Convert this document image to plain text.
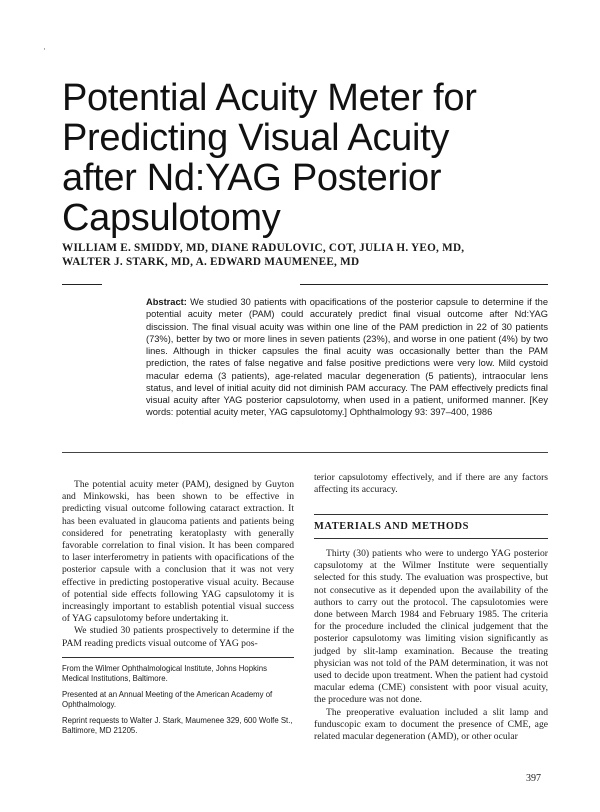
·
Potential Acuity Meter for Predicting Visual Acuity after Nd:YAG Posterior Capsulotomy
WILLIAM E. SMIDDY, MD, DIANE RADULOVIC, COT, JULIA H. YEO, MD,
WALTER J. STARK, MD, A. EDWARD MAUMENEE, MD

Abstract: We studied 30 patients with opacifications of the posterior capsule to determine if the potential acuity meter (PAM) could accurately predict final visual outcome after Nd:YAG discission. The final visual acuity was within one line of the PAM prediction in 22 of 30 patients (73%), better by two or more lines in seven patients (23%), and worse in one patient (4%) by two lines. Although in thicker capsules the final acuity was occasionally better than the PAM prediction, the rates of false negative and false positive predictions were very low. Mild cystoid macular edema (3 patients), age-related macular degeneration (5 patients), intraocular lens status, and level of initial acuity did not diminish PAM accuracy. The PAM effectively predicts final visual acuity after YAG posterior capsulotomy, when used in a patient, uniformed manner. [Key words: potential acuity meter, YAG capsulotomy.] Ophthalmology 93: 397–400, 1986

The potential acuity meter (PAM), designed by Guyton and Minkowski, has been shown to be effective in predicting visual outcome following cataract extraction. It has been evaluated in glaucoma patients and patients being considered for penetrating keratoplasty with generally favorable correlation to final vision. It has been compared to laser interferometry in patients with opacifications of the posterior capsule with a conclusion that it was not very effective in predicting postoperative visual acuity. Because of potential side effects following YAG capsulotomy it is increasingly important to establish potential visual success of YAG capsulotomy before undertaking it.

We studied 30 patients prospectively to determine if the PAM reading predicts visual outcome of YAG pos-

From the Wilmer Ophthalmological Institute, Johns Hopkins Medical Institutions, Baltimore.

Presented at an Annual Meeting of the American Academy of Ophthalmology.

Reprint requests to Walter J. Stark, Maumenee 329, 600 Wolfe St., Baltimore, MD 21205.

terior capsulotomy effectively, and if there are any factors affecting its accuracy.

MATERIALS AND METHODS

Thirty (30) patients who were to undergo YAG posterior capsulotomy at the Wilmer Institute were sequentially selected for this study. The evaluation was prospective, but not consecutive as it depended upon the availability of the authors to carry out the protocol. The capsulotomies were done between March 1984 and February 1985. The criteria for the procedure included the clinical judgement that the posterior capsulotomy was limiting vision significantly as judged by slit-lamp examination. Because the treating physician was not told of the PAM determination, it was not used to decide upon treatment. When the patient had cystoid macular edema (CME) consistent with poor visual acuity, the procedure was not done.

The preoperative evaluation included a slit lamp and funduscopic exam to document the presence of CME, age related macular degeneration (AMD), or other ocular

397
